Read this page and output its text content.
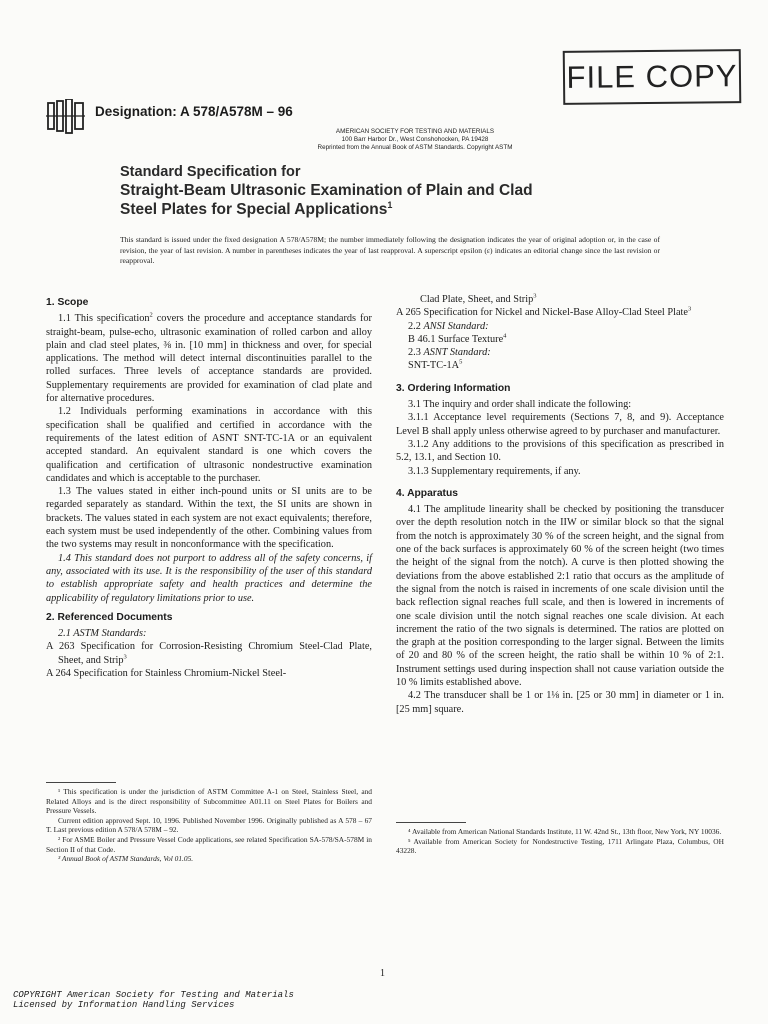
FILE COPY
Designation: A 578/A578M – 96
AMERICAN SOCIETY FOR TESTING AND MATERIALS
100 Barr Harbor Dr., West Conshohocken, PA 19428
Reprinted from the Annual Book of ASTM Standards. Copyright ASTM
Standard Specification for
Straight-Beam Ultrasonic Examination of Plain and Clad
Steel Plates for Special Applications$^1$
This standard is issued under the fixed designation A 578/A578M; the number immediately following the designation indicates the year of original adoption or, in the case of revision, the year of last revision. A number in parentheses indicates the year of last reapproval. A superscript epsilon (ε) indicates an editorial change since the last revision or reapproval.

1. Scope

1.1 This specification$^2$ covers the procedure and acceptance standards for straight-beam, pulse-echo, ultrasonic examination of rolled carbon and alloy plain and clad steel plates, ⅜ in. [10 mm] in thickness and over, for special applications. The method will detect internal discontinuities parallel to the rolled surfaces. Three levels of acceptance standards are provided. Supplementary requirements are provided for examination of clad plate and for alternative procedures.

1.2 Individuals performing examinations in accordance with this specification shall be qualified and certified in accordance with the requirements of the latest edition of ASNT SNT-TC-1A or an equivalent accepted standard. An equivalent standard is one which covers the qualification and certification of ultrasonic nondestructive examination candidates and which is acceptable to the purchaser.

1.3 The values stated in either inch-pound units or SI units are to be regarded separately as standard. Within the text, the SI units are shown in brackets. The values stated in each system are not exact equivalents; therefore, each system must be used independently of the other. Combining values from the two systems may result in nonconformance with the specification.

1.4 This standard does not purport to address all of the safety concerns, if any, associated with its use. It is the responsibility of the user of this standard to establish appropriate safety and health practices and determine the applicability of regulatory limitations prior to use.

2. Referenced Documents

2.1 ASTM Standards:

A 263 Specification for Corrosion-Resisting Chromium Steel-Clad Plate, Sheet, and Strip$^3$

A 264 Specification for Stainless Chromium-Nickel Steel-

Clad Plate, Sheet, and Strip$^3$

A 265 Specification for Nickel and Nickel-Base Alloy-Clad Steel Plate$^3$

2.2 ANSI Standard:

B 46.1 Surface Texture$^4$

2.3 ASNT Standard:

SNT-$TC-1A^5$

3. Ordering Information

3.1 The inquiry and order shall indicate the following:

3.1.1 Acceptance level requirements (Sections 7, 8, and 9). Acceptance Level B shall apply unless otherwise agreed to by purchaser and manufacturer.

3.1.2 Any additions to the provisions of this specification as prescribed in 5.2, 13.1, and Section 10.

3.1.3 Supplementary requirements, if any.

4. Apparatus

4.1 The amplitude linearity shall be checked by positioning the transducer over the depth resolution notch in the IIW or similar block so that the signal from the notch is approximately 30 % of the screen height, and the signal from one of the back surfaces is approximately 60 % of the screen height (two times the height of the signal from the notch). A curve is then plotted showing the deviations from the above established 2:1 ratio that occurs as the amplitude of the signal from the notch is raised in increments of one scale division until the back reflection signal reaches full scale, and then is lowered in increments of one scale division until the notch signal reaches one scale division. At each increment the ratio of the two signals is determined. The ratios are plotted on the graph at the position corresponding to the larger signal. Between the limits of 20 and 80 % of the screen height, the ratio shall be within 10 % of 2:1. Instrument settings used during inspection shall not cause variation outside the 10 % limits established above.

4.2 The transducer shall be 1 or 1⅛ in. [25 or 30 mm] in diameter or 1 in. [25 mm] square.

¹ This specification is under the jurisdiction of ASTM Committee A-1 on Steel, Stainless Steel, and Related Alloys and is the direct responsibility of Subcommittee A01.11 on Steel Plates for Boilers and Pressure Vessels.

Current edition approved Sept. 10, 1996. Published November 1996. Originally published as A 578 – 67 T. Last previous edition A 578/A 578M – 92.

² For ASME Boiler and Pressure Vessel Code applications, see related Specification SA-578/SA-578M in Section II of that Code.

³ Annual Book of ASTM Standards, Vol 01.05.

⁴ Available from American National Standards Institute, 11 W. 42nd St., 13th floor, New York, NY 10036.

⁵ Available from American Society for Nondestructive Testing, 1711 Arlingate Plaza, Columbus, OH 43228.

1
COPYRIGHT American Society for Testing and Materials
Licensed by Information Handling Services
